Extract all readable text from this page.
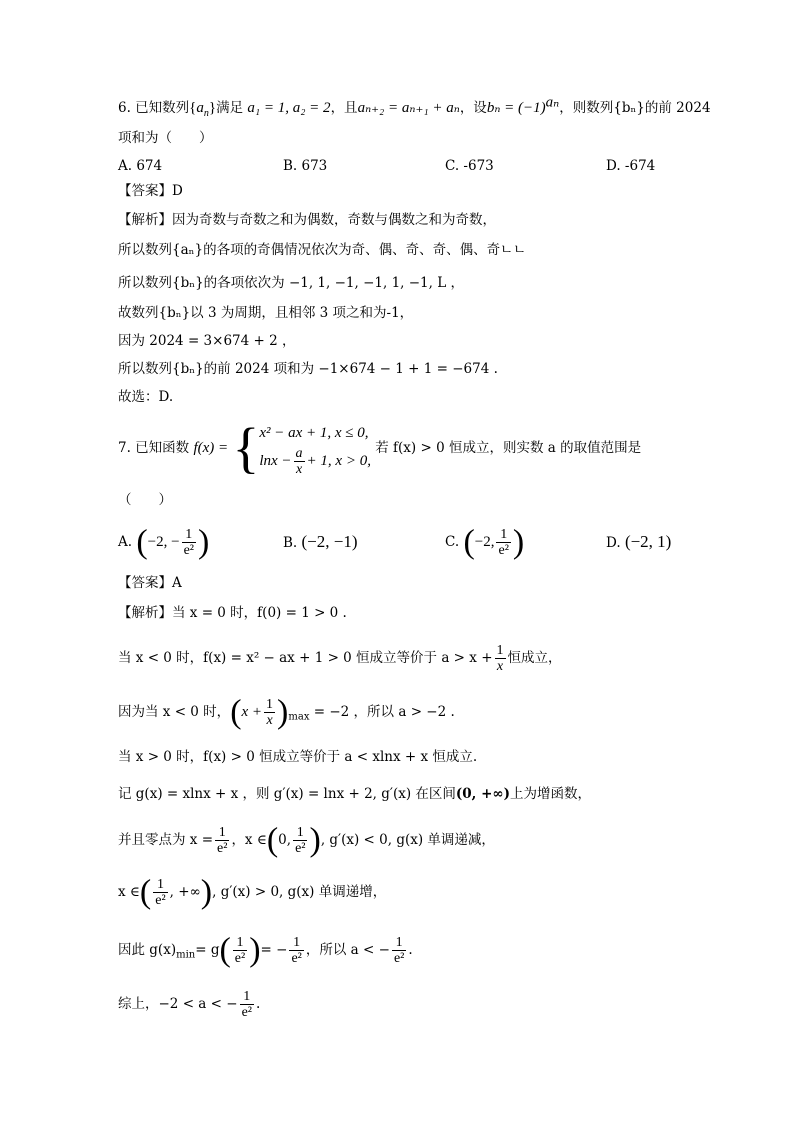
6. 已知数列$\{a_n\}$满足 a₁ = 1, a₂ = 2，且aₙ₊₂ = aₙ₊₁ + aₙ，设$b_n = (-1)^{a_n}$，则数列{bₙ}的前 2024
项和为（　　）
A. 674	B. 673	C. -673	D. -674
【答案】D
【解析】因为奇数与奇数之和为偶数，奇数与偶数之和为奇数，
所以数列{aₙ}的各项的奇偶情况依次为奇、偶、奇、奇、偶、奇ㄴㄴ
所以数列{bₙ}的各项依次为 −1, 1, −1, −1, 1, −1, L ，
故数列{bₙ}以 3 为周期，且相邻 3 项之和为-1，
因为 2024 = 3×674 + 2 ，
所以数列{bₙ}的前 2024 项和为 −1×674 − 1 + 1 = −674 .
故选：D.
7. 已知函数 f(x) = { x² − ax + 1, x ≤ 0,
$\ln x - \frac{a}{x} + 1$, x > 0,
若 f(x) > 0 恒成立，则实数 a 的取值范围是
（　　）
A. (−2, − $\frac{1}{\text{e²}}$ )	B. (−2, −1)	C. (−2, $\frac{1}{\text{e²}}$ )	D. (−2, 1)
【答案】A
【解析】当 x = 0 时，f(0) = 1 > 0 .
当 x < 0 时，f(x) = x² − ax + 1 > 0 恒成立等价于 $a > x + \frac{1}{x}$ 恒成立，
因为当 x < 0 时，$(x + \frac{1}{x} )_{max} = -2$ ，所以 a > −2 .
当 x > 0 时，f(x) > 0 恒成立等价于 a < xlnx + x 恒成立.
记 g(x) = xlnx + x ，则 g′(x) = lnx + 2, g′(x) 在区间(0, +∞)上为增函数，
并且零点为 $x = \frac{1}{\text{e²}}$ ，x ∈(0, $\frac{1}{\text{e²}}$ ), g′(x) < 0, g(x) 单调递减，
x ∈( $\frac{1}{\text{e²}}$ , +∞), g′(x) > 0, g(x) 单调递增，
因此 $g(x)_{min}= g( \frac{1}{\text{e²}}$ )= − $\frac{1}{\text{e²}}$ ，所以 a < − $\frac{1}{\text{e²}}$ .
综上，−2 < a < − $\frac{1}{\text{e²}}$ .
